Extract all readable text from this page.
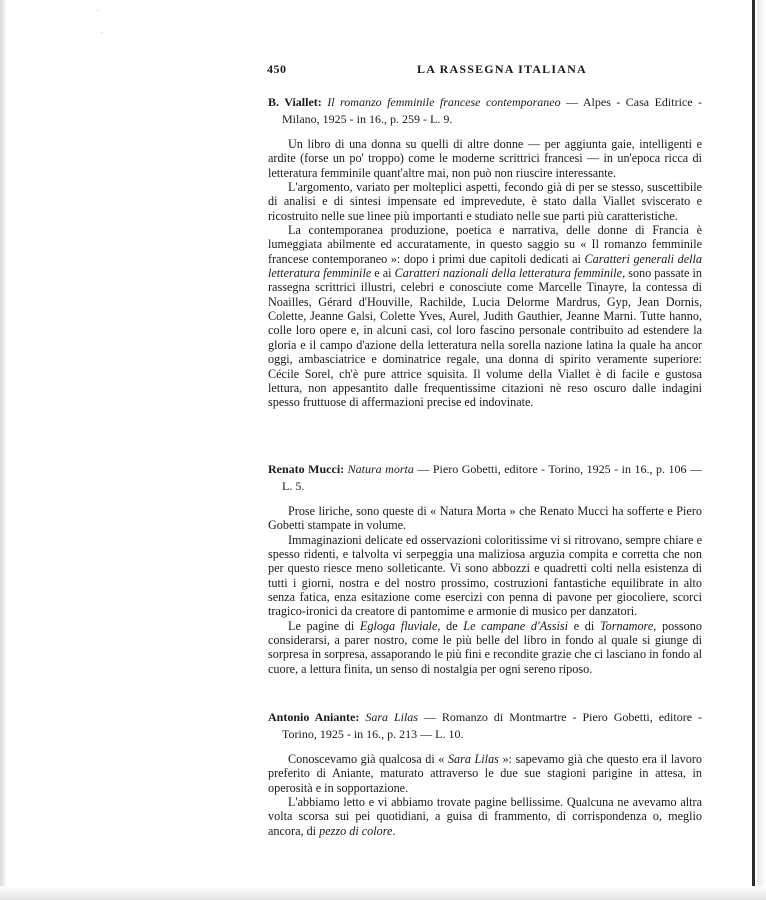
·
·
450	LA RASSEGNA ITALIANA

B. Viallet: Il romanzo femminile francese contemporaneo — Alpes - Casa Editrice - Milano, 1925 - in 16., p. 259 - L. 9.

Un libro di una donna su quelli di altre donne — per aggiunta gaie, intelligenti e ardite (forse un po' troppo) come le moderne scrittrici francesi — in un'epoca ricca di letteratura femminile quant'altre mai, non può non riuscire interessante.

L'argomento, variato per molteplici aspetti, fecondo già di per se stesso, suscettibile di analisi e di sintesi impensate ed imprevedute, è stato dalla Viallet sviscerato e ricostruito nelle sue linee più importanti e studiato nelle sue parti più caratteristiche.

La contemporanea produzione, poetica e narrativa, delle donne di Francia è lumeggiata abilmente ed accuratamente, in questo saggio su « Il romanzo femminile francese contemporaneo »: dopo i primi due capitoli dedicati ai Caratteri generali della letteratura femminile e ai Caratteri nazionali della letteratura femminile, sono passate in rassegna scrittrici illustri, celebri e conosciute come Marcelle Tinayre, la contessa di Noailles, Gérard d'Houville, Rachilde, Lucia Delorme Mardrus, Gyp, Jean Dornis, Colette, Jeanne Galsi, Colette Yves, Aurel, Judith Gauthier, Jeanne Marni. Tutte hanno, colle loro opere e, in alcuni casi, col loro fascino personale contribuito ad estendere la gloria e il campo d'azione della letteratura nella sorella nazione latina la quale ha ancor oggi, ambasciatrice e dominatrice regale, una donna di spirito veramente superiore: Cécile Sorel, ch'è pure attrice squisita. Il volume della Viallet è di facile e gustosa lettura, non appesantito dalle frequentissime citazioni nè reso oscuro dalle indagini spesso fruttuose di affermazioni precise ed indovinate.

Renato Mucci: Natura morta — Piero Gobetti, editore - Torino, 1925 - in 16., p. 106 — L. 5.

Prose liriche, sono queste di « Natura Morta » che Renato Mucci ha sofferte e Piero Gobetti stampate in volume.

Immaginazioni delicate ed osservazioni coloritissime vi si ritrovano, sempre chiare e spesso ridenti, e talvolta vi serpeggia una maliziosa arguzia compita e corretta che non per questo riesce meno solleticante. Vi sono abbozzi e quadretti colti nella esistenza di tutti i giorni, nostra e del nostro prossimo, costruzioni fantastiche equilibrate in alto senza fatica, enza esitazione come esercizi con penna di pavone per giocoliere, scorci tragico-ironici da creatore di pantomime e armonie di musico per danzatori.

Le pagine di Egloga fluviale, de Le campane d'Assisi e di Tornamore, possono considerarsi, a parer nostro, come le più belle del libro in fondo al quale si giunge di sorpresa in sorpresa, assaporando le più fini e recondite grazie che ci lasciano in fondo al cuore, a lettura finita, un senso di nostalgia per ogni sereno riposo.

Antonio Aniante: Sara Lilas — Romanzo di Montmartre - Piero Gobetti, editore - Torino, 1925 - in 16., p. 213 — L. 10.

Conoscevamo già qualcosa di « Sara Lilas »: sapevamo già che questo era il lavoro preferito di Aniante, maturato attraverso le due sue stagioni parigine in attesa, in operosità e in sopportazione.

L'abbiamo letto e vi abbiamo trovate pagine bellissime. Qualcuna ne avevamo altra volta scorsa sui pei quotidiani, a guisa di frammento, di corrispondenza o, meglio ancora, di pezzo di colore.
